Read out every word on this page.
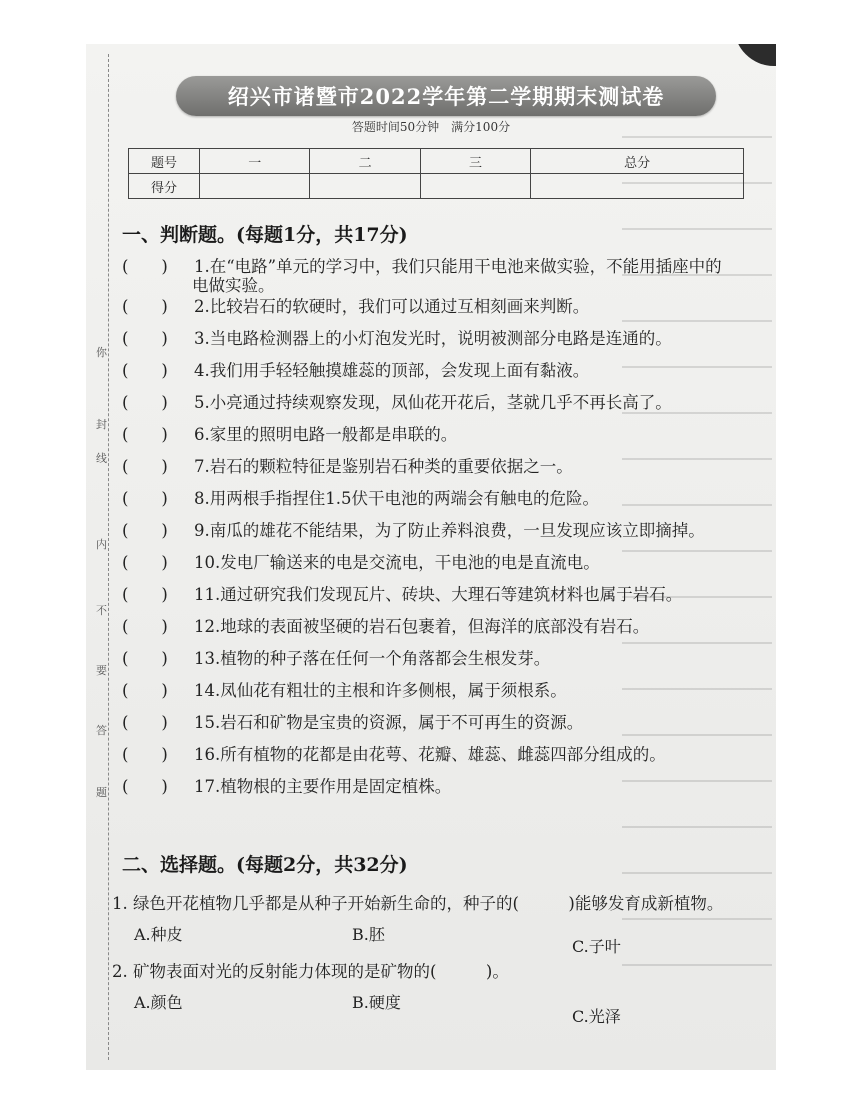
你
封
线
内
不
要
答
题
绍兴市诸暨市2022学年第二学期期末测试卷
答题时间50分钟　满分100分
题号	一	二	三	总分
得分				
一、判断题。(每题1分，共17分)
(　　) 1.在“电路”单元的学习中，我们只能用干电池来做实验，不能用插座中的
电做实验。
(　　) 2.比较岩石的软硬时，我们可以通过互相刻画来判断。
(　　) 3.当电路检测器上的小灯泡发光时，说明被测部分电路是连通的。
(　　) 4.我们用手轻轻触摸雄蕊的顶部，会发现上面有黏液。
(　　) 5.小亮通过持续观察发现，凤仙花开花后，茎就几乎不再长高了。
(　　) 6.家里的照明电路一般都是串联的。
(　　) 7.岩石的颗粒特征是鉴别岩石种类的重要依据之一。
(　　) 8.用两根手指捏住1.5伏干电池的两端会有触电的危险。
(　　) 9.南瓜的雄花不能结果，为了防止养料浪费，一旦发现应该立即摘掉。
(　　) 10.发电厂输送来的电是交流电，干电池的电是直流电。
(　　) 11.通过研究我们发现瓦片、砖块、大理石等建筑材料也属于岩石。
(　　) 12.地球的表面被坚硬的岩石包裹着，但海洋的底部没有岩石。
(　　) 13.植物的种子落在任何一个角落都会生根发芽。
(　　) 14.凤仙花有粗壮的主根和许多侧根，属于须根系。
(　　) 15.岩石和矿物是宝贵的资源，属于不可再生的资源。
(　　) 16.所有植物的花都是由花萼、花瓣、雄蕊、雌蕊四部分组成的。
(　　) 17.植物根的主要作用是固定植株。
二、选择题。(每题2分，共32分)
1. 绿色开花植物几乎都是从种子开始新生命的，种子的(　　　)能够发育成新植物。
A.种皮	B.胚
C.子叶
2. 矿物表面对光的反射能力体现的是矿物的(　　　)。
A.颜色	B.硬度
C.光泽
